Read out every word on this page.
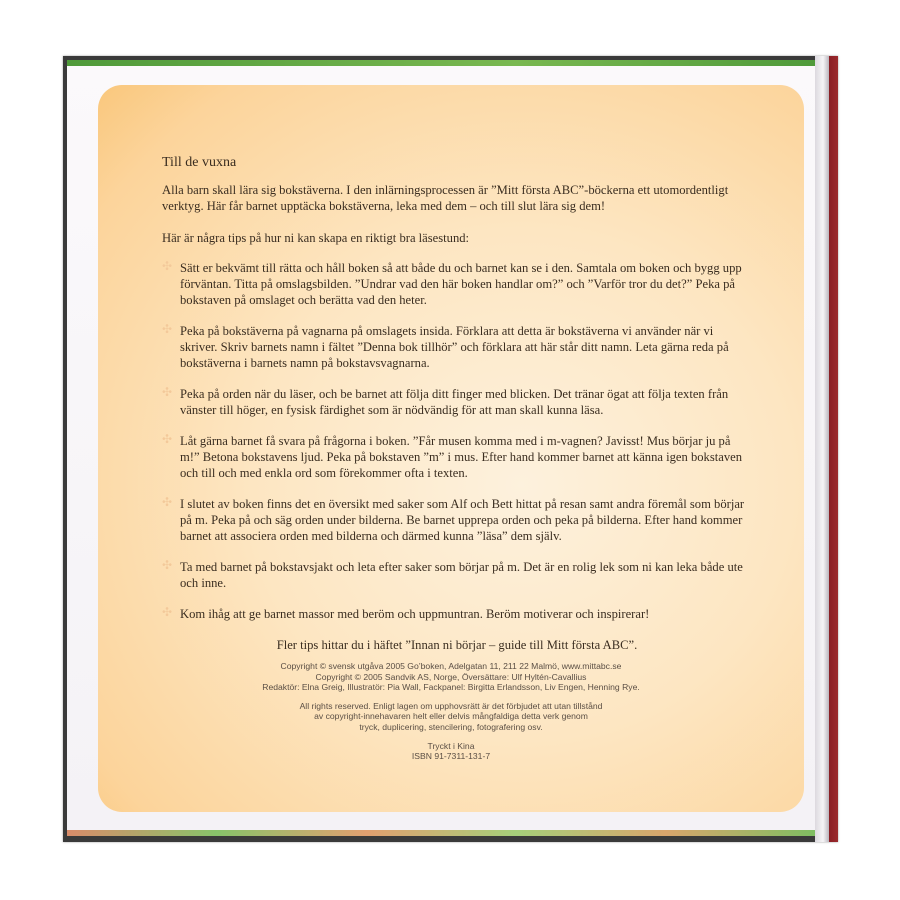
Till de vuxna

Alla barn skall lära sig bokstäverna. I den inlärningsprocessen är ”Mitt första ABC”-böckerna ett utomordentligt verktyg. Här får barnet upptäcka bokstäverna, leka med dem – och till slut lära sig dem!

Här är några tips på hur ni kan skapa en riktigt bra läsestund:

✣ Sätt er bekvämt till rätta och håll boken så att både du och barnet kan se i den. Samtala om boken och bygg upp förväntan. Titta på omslagsbilden. ”Undrar vad den här boken handlar om?” och ”Varför tror du det?” Peka på bokstaven på omslaget och berätta vad den heter.
✣ Peka på bokstäverna på vagnarna på omslagets insida. Förklara att detta är bokstäverna vi använder när vi skriver. Skriv barnets namn i fältet ”Denna bok tillhör” och förklara att här står ditt namn. Leta gärna reda på bokstäverna i barnets namn på bokstavsvagnarna.
✣ Peka på orden när du läser, och be barnet att följa ditt finger med blicken. Det tränar ögat att följa texten från vänster till höger, en fysisk färdighet som är nödvändig för att man skall kunna läsa.
✣ Låt gärna barnet få svara på frågorna i boken. ”Får musen komma med i m-vagnen? Javisst! Mus börjar ju på m!” Betona bokstavens ljud. Peka på bokstaven ”m” i mus. Efter hand kommer barnet att känna igen bokstaven och till och med enkla ord som förekommer ofta i texten.
✣ I slutet av boken finns det en översikt med saker som Alf och Bett hittat på resan samt andra föremål som börjar på m. Peka på och säg orden under bilderna. Be barnet upprepa orden och peka på bilderna. Efter hand kommer barnet att associera orden med bilderna och därmed kunna ”läsa” dem själv.
✣ Ta med barnet på bokstavsjakt och leta efter saker som börjar på m. Det är en rolig lek som ni kan leka både ute och inne.
✣ Kom ihåg att ge barnet massor med beröm och uppmuntran. Beröm motiverar och inspirerar!
Fler tips hittar du i häftet ”Innan ni börjar – guide till Mitt första ABC”.
Copyright © svensk utgåva 2005 Go’boken, Adelgatan 11, 211 22 Malmö, www.mittabc.se
Copyright © 2005 Sandvik AS, Norge, Översättare: Ulf Hyltén-Cavallius
Redaktör: Elna Greig, Illustratör: Pia Wall, Fackpanel: Birgitta Erlandsson, Liv Engen, Henning Rye.
All rights reserved. Enligt lagen om upphovsrätt är det förbjudet att utan tillstånd
av copyright-innehavaren helt eller delvis mångfaldiga detta verk genom
tryck, duplicering, stencilering, fotografering osv.
Tryckt i Kina
ISBN 91-7311-131-7
